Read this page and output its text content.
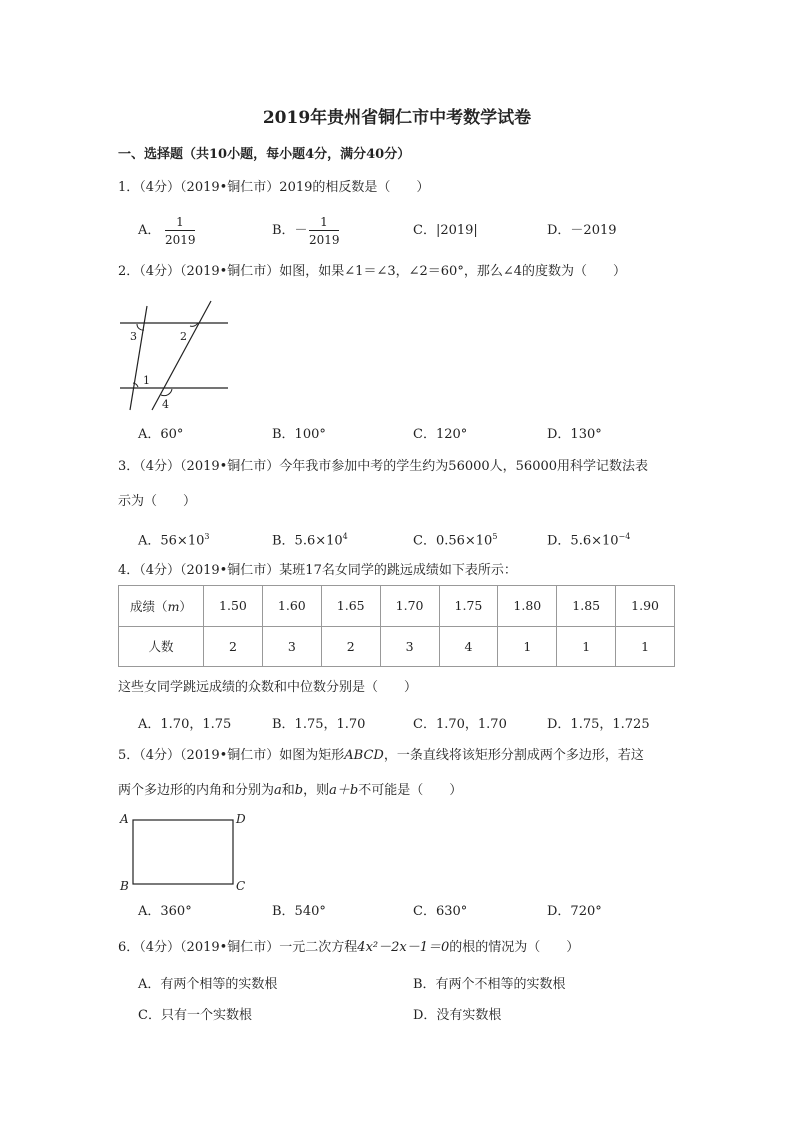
2019年贵州省铜仁市中考数学试卷
一、选择题（共10小题，每小题4分，满分40分）
1．（4分）（2019•铜仁市）2019的相反数是（　　）
A．
1
2019
B．－
1
2019
C．|2019|	D．－2019
2．（4分）（2019•铜仁市）如图，如果∠1＝∠3，∠2＝60°，那么∠4的度数为（　　）
3	2
1
4
A．60°	B．100°	C．120°	D．130°
3．（4分）（2019•铜仁市）今年我市参加中考的学生约为56000人，56000用科学记数法表
示为（　　）
A．$56\times 10^3$	B．$5.6\times 10^4$	C．$0.56\times 10^5$	D．$5.6\times 10^{-4}$
4．（4分）（2019•铜仁市）某班17名女同学的跳远成绩如下表所示：
成绩（m）	1.50	1.60	1.65	1.70	1.75	1.80	1.85	1.90
人数	2	3	2	3	4	1	1	1
这些女同学跳远成绩的众数和中位数分别是（　　）
A．1.70，1.75	B．1.75，1.70	C．1.70，1.70	D．1.75，1.725
5．（4分）（2019•铜仁市）如图为矩形ABCD，一条直线将该矩形分割成两个多边形，若这
两个多边形的内角和分别为a和b，则a＋b不可能是（　　）
A	D
B	C
A．360°	B．540°	C．630°	D．720°
6．（4分）（2019•铜仁市）一元二次方程4x²－2x－1＝0的根的情况为（　　）
A．有两个相等的实数根	B．有两个不相等的实数根
C．只有一个实数根	D．没有实数根
